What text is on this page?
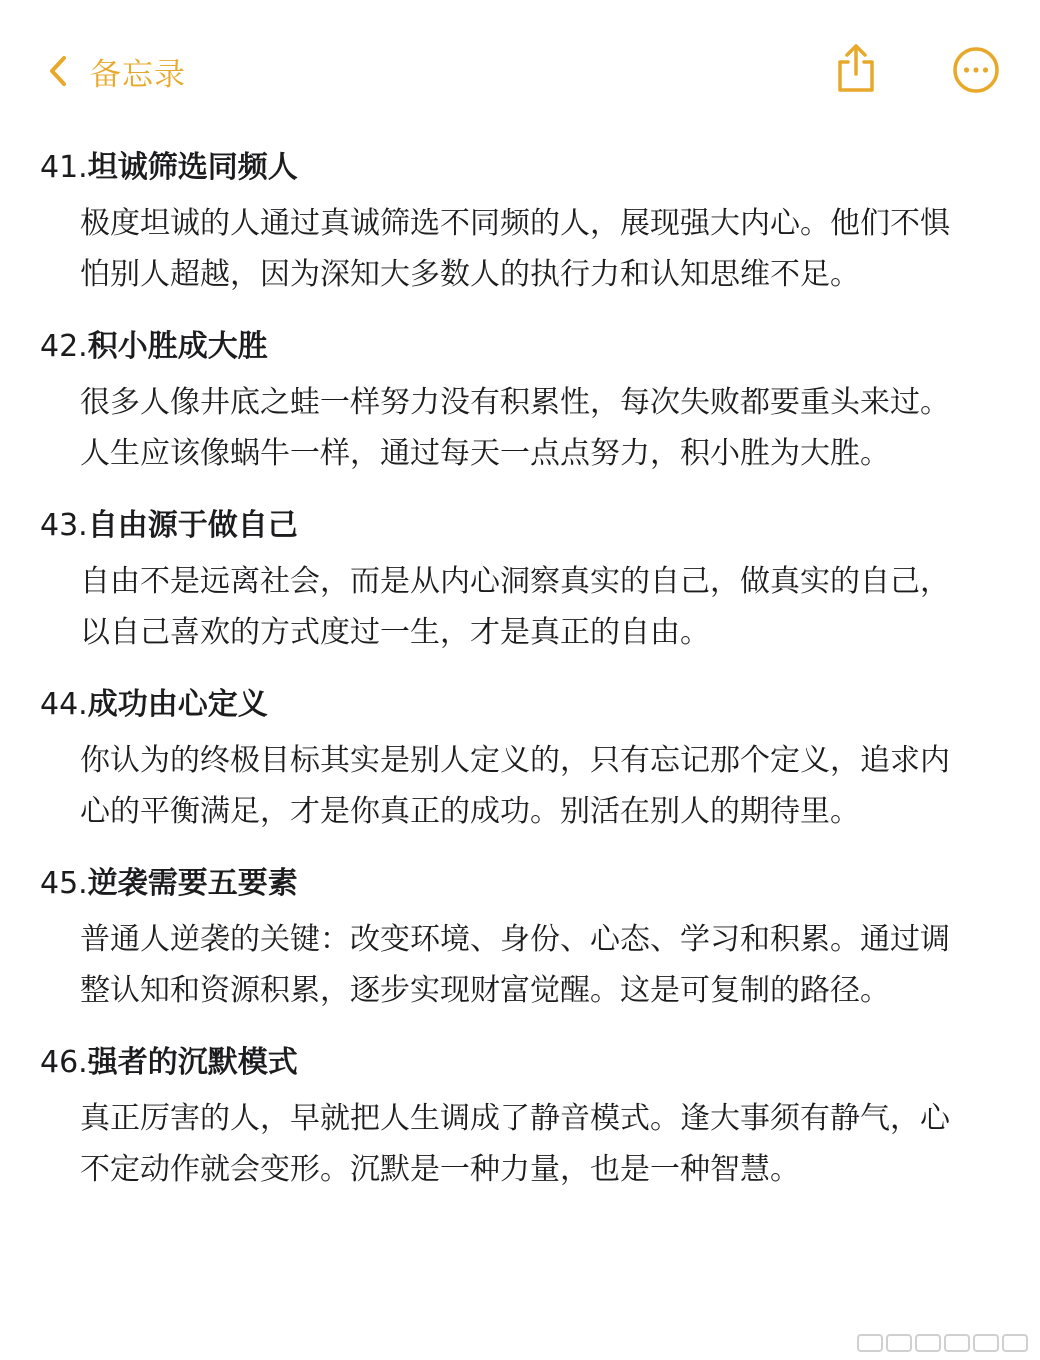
备忘录
41.坦诚筛选同频人
极度坦诚的人通过真诚筛选不同频的人，展现强大内心。他们不惧怕别人超越，因为深知大多数人的执行力和认知思维不足。
42.积小胜成大胜
很多人像井底之蛙一样努力没有积累性，每次失败都要重头来过。人生应该像蜗牛一样，通过每天一点点努力，积小胜为大胜。
43.自由源于做自己
自由不是远离社会，而是从内心洞察真实的自己，做真实的自己，以自己喜欢的方式度过一生，才是真正的自由。
44.成功由心定义
你认为的终极目标其实是别人定义的，只有忘记那个定义，追求内心的平衡满足，才是你真正的成功。别活在别人的期待里。
45.逆袭需要五要素
普通人逆袭的关键：改变环境、身份、心态、学习和积累。通过调整认知和资源积累，逐步实现财富觉醒。这是可复制的路径。
46.强者的沉默模式
真正厉害的人，早就把人生调成了静音模式。逢大事须有静气，心不定动作就会变形。沉默是一种力量，也是一种智慧。
